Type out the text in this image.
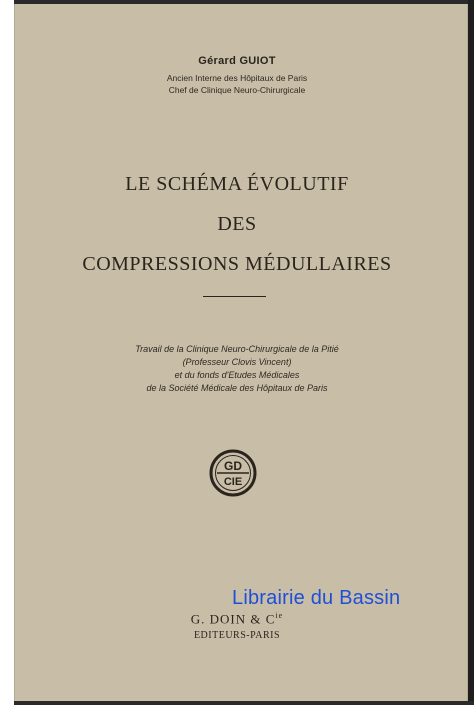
Gérard GUIOT
Ancien Interne des Hôpitaux de Paris
Chef de Clinique Neuro-Chirurgicale
LE SCHÉMA ÉVOLUTIF
DES
COMPRESSIONS MÉDULLAIRES
Travail de la Clinique Neuro-Chirurgicale de la Pitié
(Professeur Clovis Vincent)
et du fonds d'Etudes Médicales
de la Société Médicale des Hôpitaux de Paris
GD
CIE
Librairie du Bassin
G. DOIN & $C^{ie}$
EDITEURS-PARIS
